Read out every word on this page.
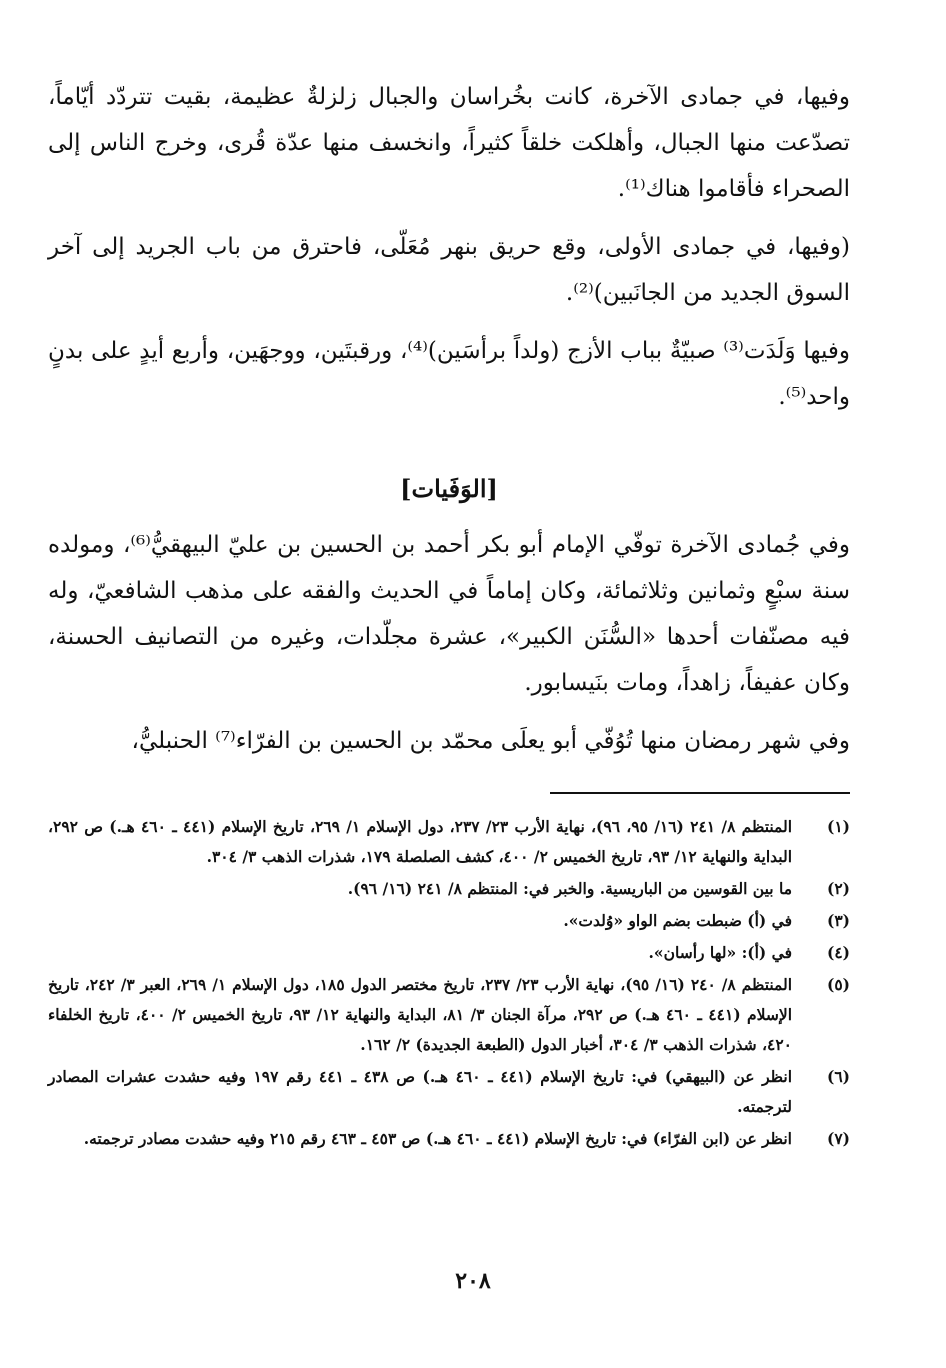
وفيها، في جمادى الآخرة، كانت بخُراسان والجبال زلزلةٌ عظيمة، بقيت تتردّد أيّاماً، تصدّعت منها الجبال، وأهلكت خلقاً كثيراً، وانخسف منها عدّة قُرى، وخرج الناس إلى الصحراء فأقاموا هناك⁽¹⁾.

(وفيها، في جمادى الأولى، وقع حريق بنهر مُعَلّى، فاحترق من باب الجريد إلى آخر السوق الجديد من الجانَبين)⁽²⁾.

وفيها وَلَدَت⁽³⁾ صبيّةٌ بباب الأزج (ولداً برأسَين)⁽⁴⁾، ورقبتَين، ووجهَين، وأربع أيدٍ على بدنٍ واحد⁽⁵⁾.

[الوَفَيات]

وفي جُمادى الآخرة توفّي الإمام أبو بكر أحمد بن الحسين بن عليّ البيهقيُّ⁽⁶⁾، ومولده سنة سبْعٍ وثمانين وثلاثمائة، وكان إماماً في الحديث والفقه على مذهب الشافعيّ، وله فيه مصنّفات أحدها «السُّنَن الكبير»، عشرة مجلّدات، وغيره من التصانيف الحسنة، وكان عفيفاً، زاهداً، ومات بنَيسابور.

وفي شهر رمضان منها تُوُفّي أبو يعلَى محمّد بن الحسين بن الفرّاء⁽⁷⁾ الحنبليُّ،

(١)
المنتظم ٨/ ٢٤١ (١٦/ ٩٥، ٩٦)، نهاية الأرب ٢٣/ ٢٣٧، دول الإسلام ١/ ٢٦٩، تاريخ الإسلام (٤٤١ ـ ٤٦٠ هـ.) ص ٢٩٢، البداية والنهاية ١٢/ ٩٣، تاريخ الخميس ٢/ ٤٠٠، كشف الصلصلة ١٧٩، شذرات الذهب ٣/ ٣٠٤.
(٢)
ما بين القوسين من الباريسية. والخبر في: المنتظم ٨/ ٢٤١ (١٦/ ٩٦).
(٣)
في (أ) ضبطت بضم الواو «وُلدت».
(٤)
في (أ): «لها رأسان».
(٥)
المنتظم ٨/ ٢٤٠ (١٦/ ٩٥)، نهاية الأرب ٢٣/ ٢٣٧، تاريخ مختصر الدول ١٨٥، دول الإسلام ١/ ٢٦٩، العبر ٣/ ٢٤٢، تاريخ الإسلام (٤٤١ ـ ٤٦٠ هـ.) ص ٢٩٢، مرآة الجنان ٣/ ٨١، البداية والنهاية ١٢/ ٩٣، تاريخ الخميس ٢/ ٤٠٠، تاريخ الخلفاء ٤٢٠، شذرات الذهب ٣/ ٣٠٤، أخبار الدول (الطبعة الجديدة) ٢/ ١٦٢.
(٦)
انظر عن (البيهقي) في: تاريخ الإسلام (٤٤١ ـ ٤٦٠ هـ.) ص ٤٣٨ ـ ٤٤١ رقم ١٩٧ وفيه حشدت عشرات المصادر لترجمته.
(٧)
انظر عن (ابن الفرّاء) في: تاريخ الإسلام (٤٤١ ـ ٤٦٠ هـ.) ص ٤٥٣ ـ ٤٦٣ رقم ٢١٥ وفيه حشدت مصادر ترجمته.
٢٠٨
